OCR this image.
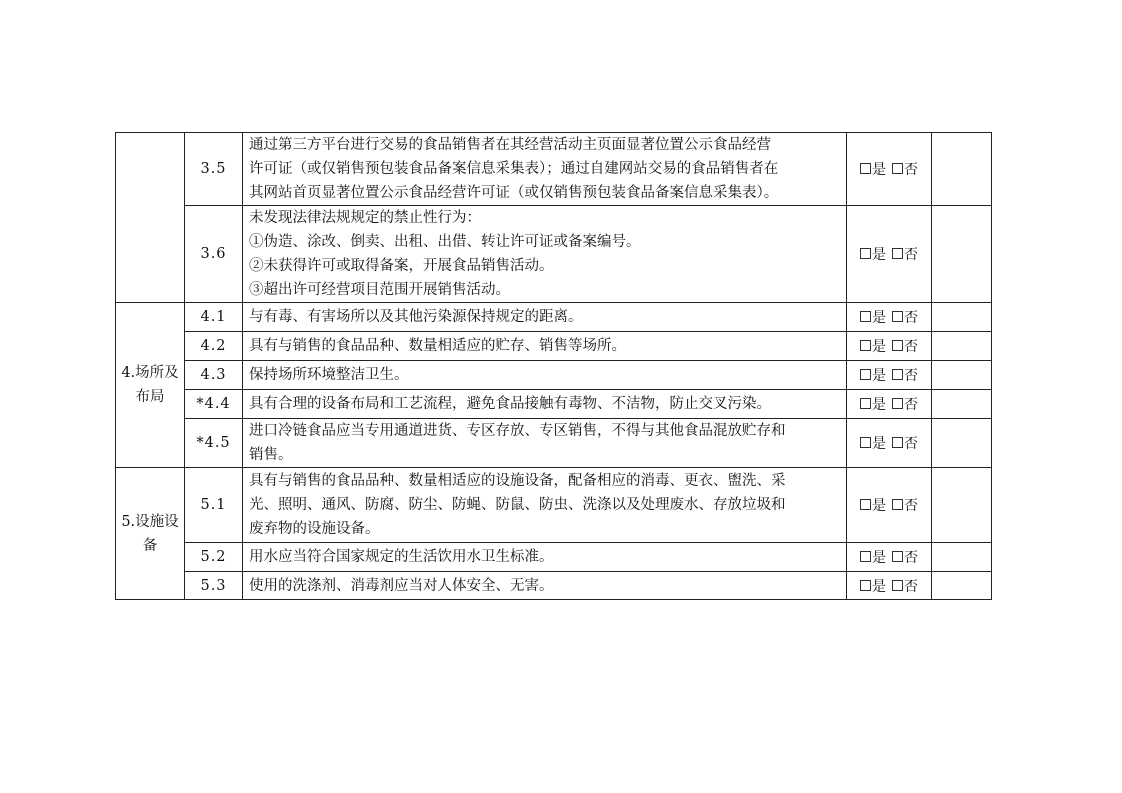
	3.5	通过第三方平台进行交易的食品销售者在其经营活动主页面显著位置公示食品经营
许可证（或仅销售预包装食品备案信息采集表）；通过自建网站交易的食品销售者在
其网站首页显著位置公示食品经营许可证（或仅销售预包装食品备案信息采集表）。	是 否	
	3.6	未发现法律法规规定的禁止性行为：
①伪造、涂改、倒卖、出租、出借、转让许可证或备案编号。
②未获得许可或取得备案，开展食品销售活动。
③超出许可经营项目范围开展销售活动。	是 否	
4.场所及布局	4.1	与有毒、有害场所以及其他污染源保持规定的距离。	是 否	
	4.2	具有与销售的食品品种、数量相适应的贮存、销售等场所。	是 否	
	4.3	保持场所环境整洁卫生。	是 否	
	*4.4	具有合理的设备布局和工艺流程，避免食品接触有毒物、不洁物，防止交叉污染。	是 否	
	*4.5	进口冷链食品应当专用通道进货、专区存放、专区销售，不得与其他食品混放贮存和
销售。	是 否	
5.设施设备	5.1	具有与销售的食品品种、数量相适应的设施设备，配备相应的消毒、更衣、盥洗、采
光、照明、通风、防腐、防尘、防蝇、防鼠、防虫、洗涤以及处理废水、存放垃圾和
废弃物的设施设备。	是 否	
	5.2	用水应当符合国家规定的生活饮用水卫生标准。	是 否	
	5.3	使用的洗涤剂、消毒剂应当对人体安全、无害。	是 否	
